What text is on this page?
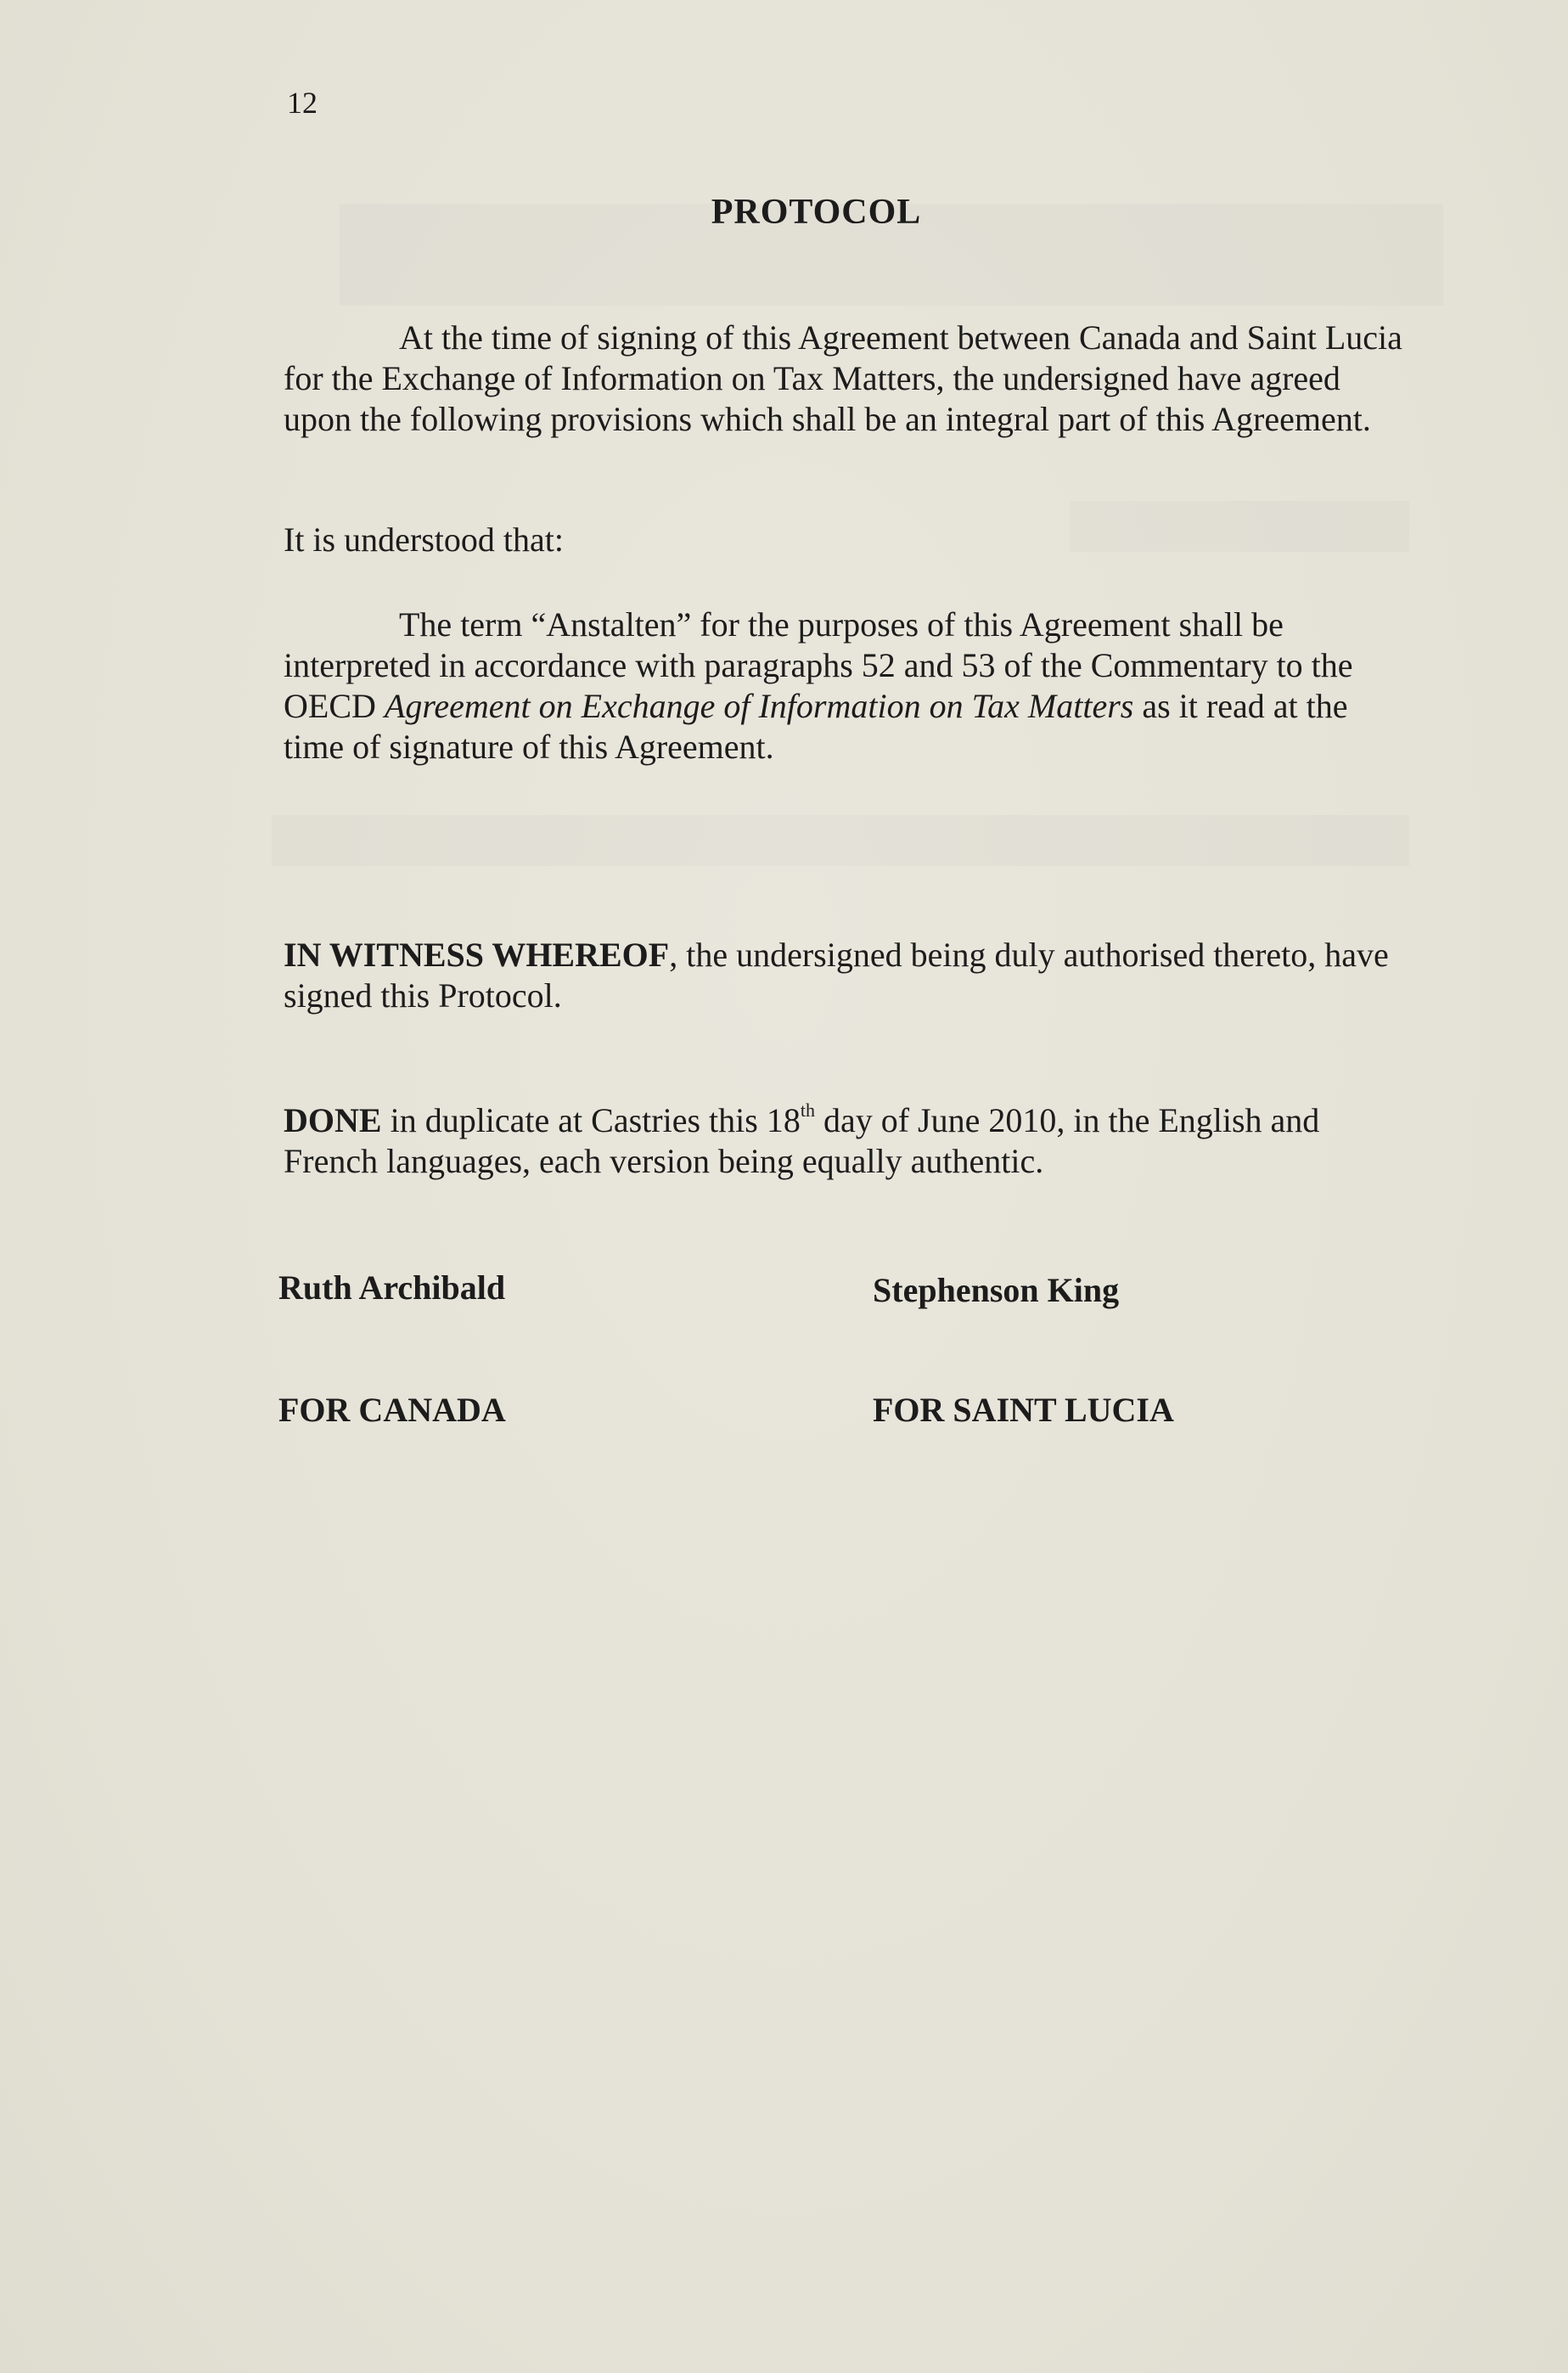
12
PROTOCOL

At the time of signing of this Agreement between Canada and Saint Lucia for the Exchange of Information on Tax Matters, the undersigned have agreed upon the following provisions which shall be an integral part of this Agreement.

It is understood that:

The term “Anstalten” for the purposes of this Agreement shall be interpreted in accordance with paragraphs 52 and 53 of the Commentary to the OECD Agreement on Exchange of Information on Tax Matters as it read at the time of signature of this Agreement.

IN WITNESS WHEREOF, the undersigned being duly authorised thereto, have signed this Protocol.

DONE in duplicate at Castries this 18th day of June 2010, in the English and French languages, each version being equally authentic.

Ruth Archibald	Stephenson King
FOR CANADA	FOR SAINT LUCIA
